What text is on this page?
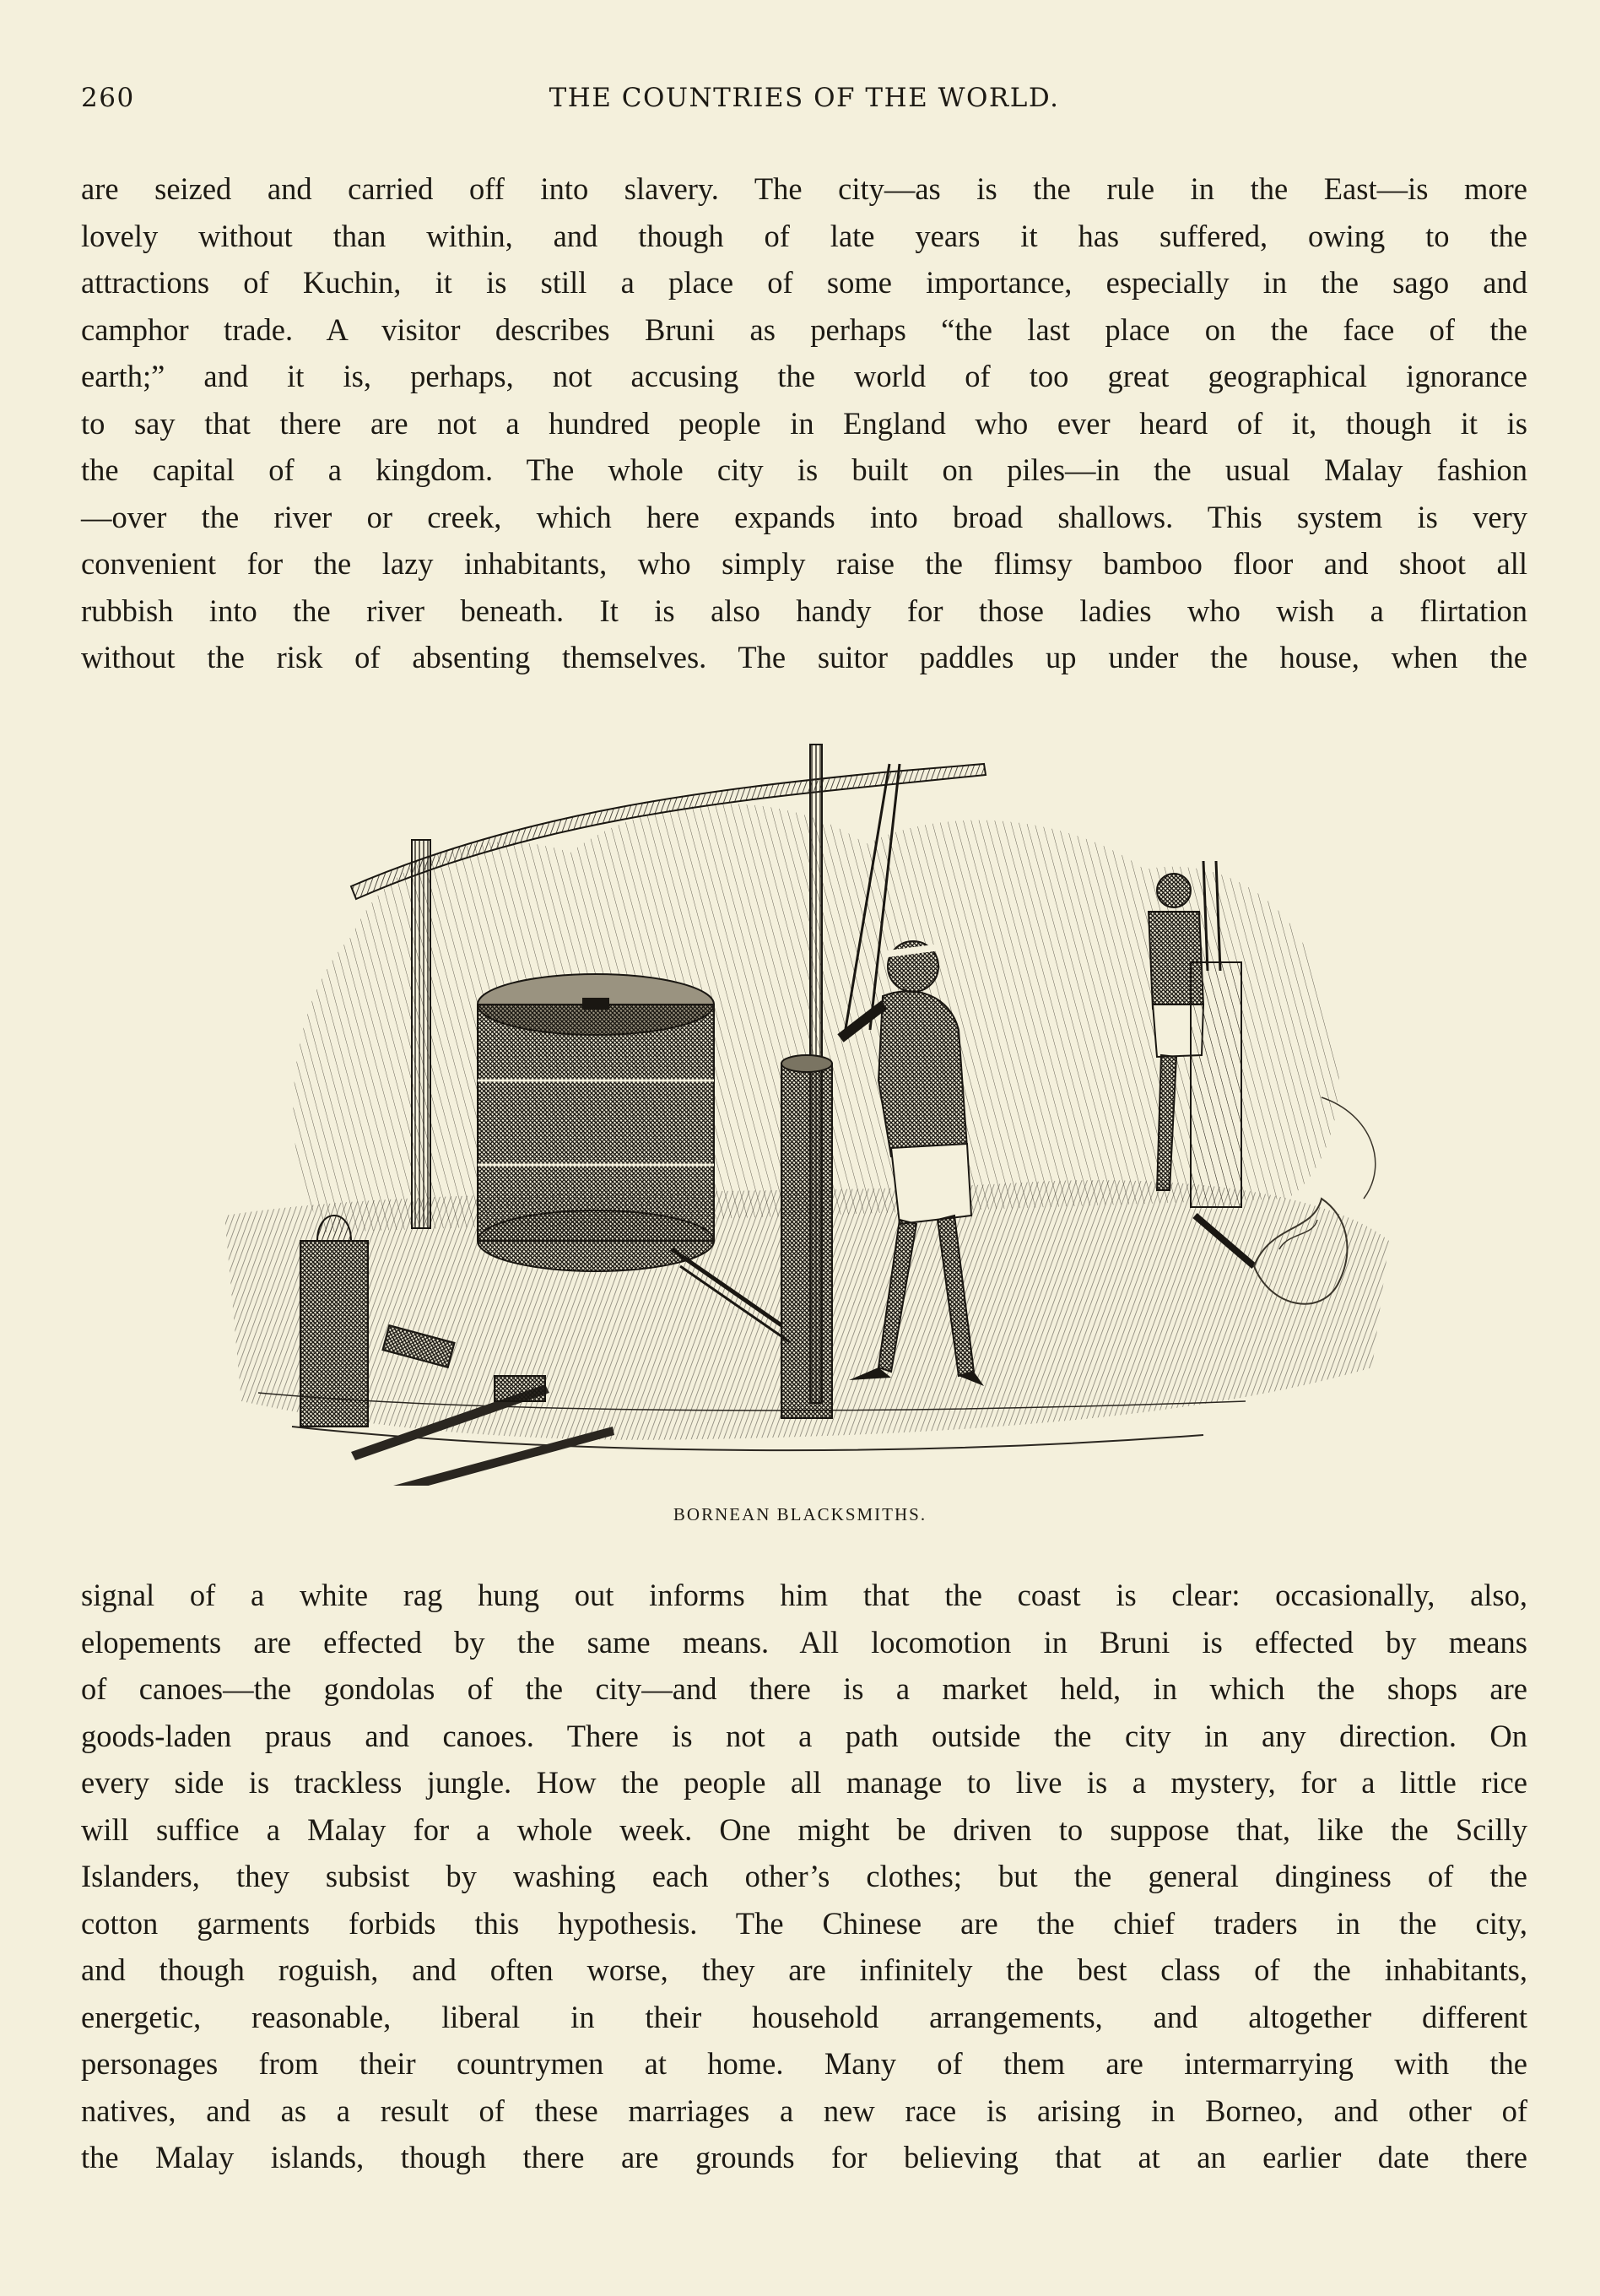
260	THE COUNTRIES OF THE WORLD.
are seized and carried off into slavery. The city—as is the rule in the East—is more
lovely without than within, and though of late years it has suffered, owing to the
attractions of Kuchin, it is still a place of some importance, especially in the sago and
camphor trade. A visitor describes Bruni as perhaps “the last place on the face of the
earth;” and it is, perhaps, not accusing the world of too great geographical ignorance
to say that there are not a hundred people in England who ever heard of it, though it is
the capital of a kingdom. The whole city is built on piles—in the usual Malay fashion
—over the river or creek, which here expands into broad shallows. This system is very
convenient for the lazy inhabitants, who simply raise the flimsy bamboo floor and shoot all
rubbish into the river beneath. It is also handy for those ladies who wish a flirtation
without the risk of absenting themselves. The suitor paddles up under the house, when the
BORNEAN BLACKSMITHS.
signal of a white rag hung out informs him that the coast is clear: occasionally, also,
elopements are effected by the same means. All locomotion in Bruni is effected by means
of canoes—the gondolas of the city—and there is a market held, in which the shops are
goods-laden praus and canoes. There is not a path outside the city in any direction. On
every side is trackless jungle. How the people all manage to live is a mystery, for a little rice
will suffice a Malay for a whole week. One might be driven to suppose that, like the Scilly
Islanders, they subsist by washing each other’s clothes; but the general dinginess of the
cotton garments forbids this hypothesis. The Chinese are the chief traders in the city,
and though roguish, and often worse, they are infinitely the best class of the inhabitants,
energetic, reasonable, liberal in their household arrangements, and altogether different
personages from their countrymen at home. Many of them are intermarrying with the
natives, and as a result of these marriages a new race is arising in Borneo, and other of
the Malay islands, though there are grounds for believing that at an earlier date there
